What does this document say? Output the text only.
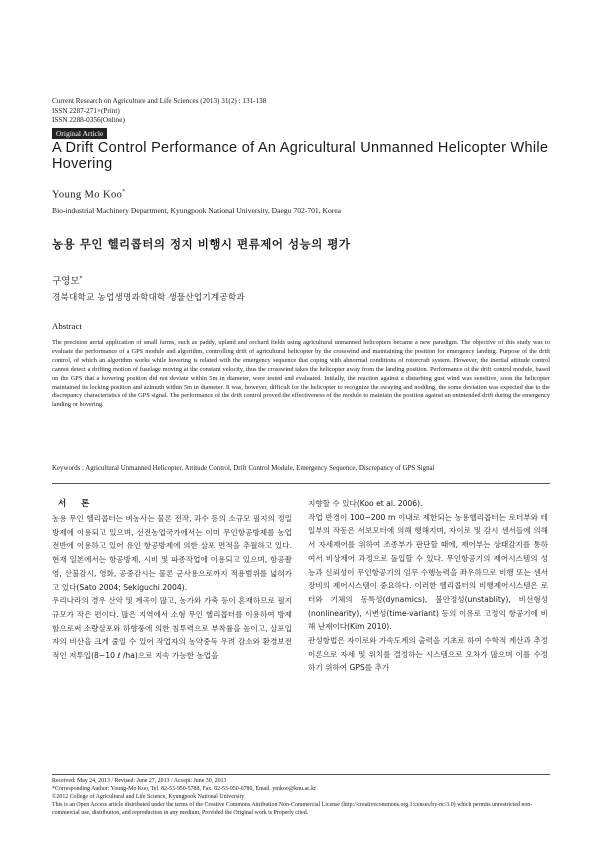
Current Research on Agriculture and Life Sciences (2013) 31(2) : 131-138
ISSN 2287-271×(Print)
ISSN 2288-0356(Online)
Original Article
A Drift Control Performance of An Agricultural Unmanned Helicopter While Hovering
Young Mo Koo*
Bio-industrial Machinery Department, Kyungpook National University, Daegu 702-701, Korea
농용 무인 헬리콥터의 정지 비행시 편류제어 성능의 평가
구영모*
경북대학교 농업생명과학대학 생물산업기계공학과
Abstract
The precision aerial application of small farms, such as paddy, upland and orchard fields using agricultural unmanned helicopters became a new paradigm. The objective of this study was to evaluate the performance of a GPS module and algorithm, controlling drift of agricultural helicopter by the crosswind and maintaining the position for emergency landing. Purpose of the drift control, of which an algorithm works while hovering is related with the emergency sequence that coping with abnormal conditions of rotorcraft system. However, the inertial attitude control cannot detect a drifting motion of fuselage moving at the constant velocity, thus the crosswind takes the helicopter away from the landing position. Performance of the drift control module, based on the GPS that a hovering position did not deviate within 5m in diameter, were tested and evaluated. Initially, the reaction against a disturbing gust wind was sensitive, soon the helicopter maintained its locking position and azimuth within 5m in diameter. It was, however, difficult for the helicopter to recognize the swaying and nodding, the some deviation was expected due to the discrepancy characteristics of the GPS signal. The performance of the drift control proved the effectiveness of the module to maintain the position against an unintended drift during the emergency landing or hovering.
Keywords : Agricultural Unmanned Helicopter, Attitude Control, Drift Control Module, Emergency Sequence, Discrepancy of GPS Signal
서 론

농용 무인 헬리콥터는 벼농사는 물론 전작, 과수 등의 소규모 필지의 정밀방제에 이용되고 있으며, 선진농업국가에서는 이미 무인항공방제를 농업 전반에 이용하고 있어 유인 항공방제에 의한 살포 면적을 추월하고 있다. 현재 일본에서는 항공방제, 시비 및 파종작업에 이용되고 있으며, 항공촬영, 산불감시, 영화, 공중감시는 물론 군사용으로까지 적용범위를 넓혀가고 있다(Sato 2004; Sekiguchi 2004).

우리나라의 경우 산악 및 계곡이 많고, 농가와 가축 등이 혼재하므로 필지 규모가 작은 편이다. 많은 지역에서 소형 무인 헬리콥터를 이용하여 방제함으로써 소량살포와 하향풍에 의한 침투력으로 부착률을 높이고, 살포입자의 비산을 크게 줄일 수 있어 작업자의 농약중독 우려 감소와 환경보전적인 저투입(8~10 ℓ /ha)으로 지속 가능한 농업을

지향할 수 있다(Koo et al. 2006).

작업 반경이 100~200 m 이내로 제한되는 농용헬리콥터는 로터부와 테일부의 작동은 서보모터에 의해 행해지며, 자이로 및 감시 센서들에 의해서 자세제어를 위하여 조종부가 판단할 때에, 제어부는 상태감지를 통하여서 비상제어 과정으로 돌입할 수 있다. 무인항공기의 제어시스템의 성능과 신뢰성이 무인항공기의 임무 수행능력을 좌우하므로 비행 또는 센서장비의 제어시스템이 중요하다. 이러한 헬리콥터의 비행제어시스템은 로터와 기체의 동특성(dynamics), 불안정성(unstablity), 비선형성(nonlinearity), 시변성(time-variant) 등의 이유로 고정익 항공기에 비해 난제이다(Kim 2010).

관성항법은 자이로와 가속도계의 출력을 기초로 하여 수학적 계산과 추정이론으로 자세 및 위치를 결정하는 시스템으로 오차가 많으며 이를 수정하기 위하여 GPS를 추가

Received: May 24, 2013 / Revised: June 27, 2013 / Accept: June 30, 2013
*Corresponding Author: Young-Mo Koo, Tel. 82-53-950-5788, Fax. 82-53-950-6780, Email. ymkoo@knu.ac.kr
©2012 College of Agricultural and Life Science, Kyungpook National University
This is an Open Access article distributed under the terms of the Creative Commons Attribution Non-Commercial License (http://creativecommons.org.1:censes/by-nc/3.0) which permits unrestricted non-commercial use, distribution, and reproduction in any medium, Provided the Original work is Properly cited.
